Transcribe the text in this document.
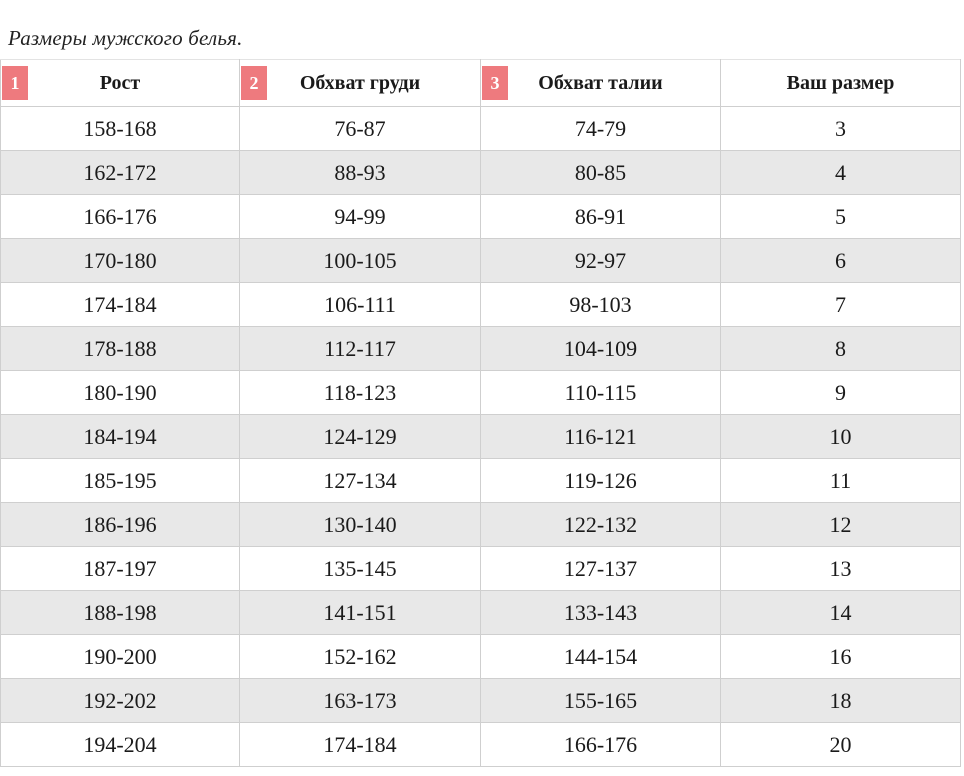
Размеры мужского белья.
1 Рост	2 Обхват груди	3 Обхват талии	Ваш размер
158-168	76-87	74-79	3
162-172	88-93	80-85	4
166-176	94-99	86-91	5
170-180	100-105	92-97	6
174-184	106-111	98-103	7
178-188	112-117	104-109	8
180-190	118-123	110-115	9
184-194	124-129	116-121	10
185-195	127-134	119-126	11
186-196	130-140	122-132	12
187-197	135-145	127-137	13
188-198	141-151	133-143	14
190-200	152-162	144-154	16
192-202	163-173	155-165	18
194-204	174-184	166-176	20
